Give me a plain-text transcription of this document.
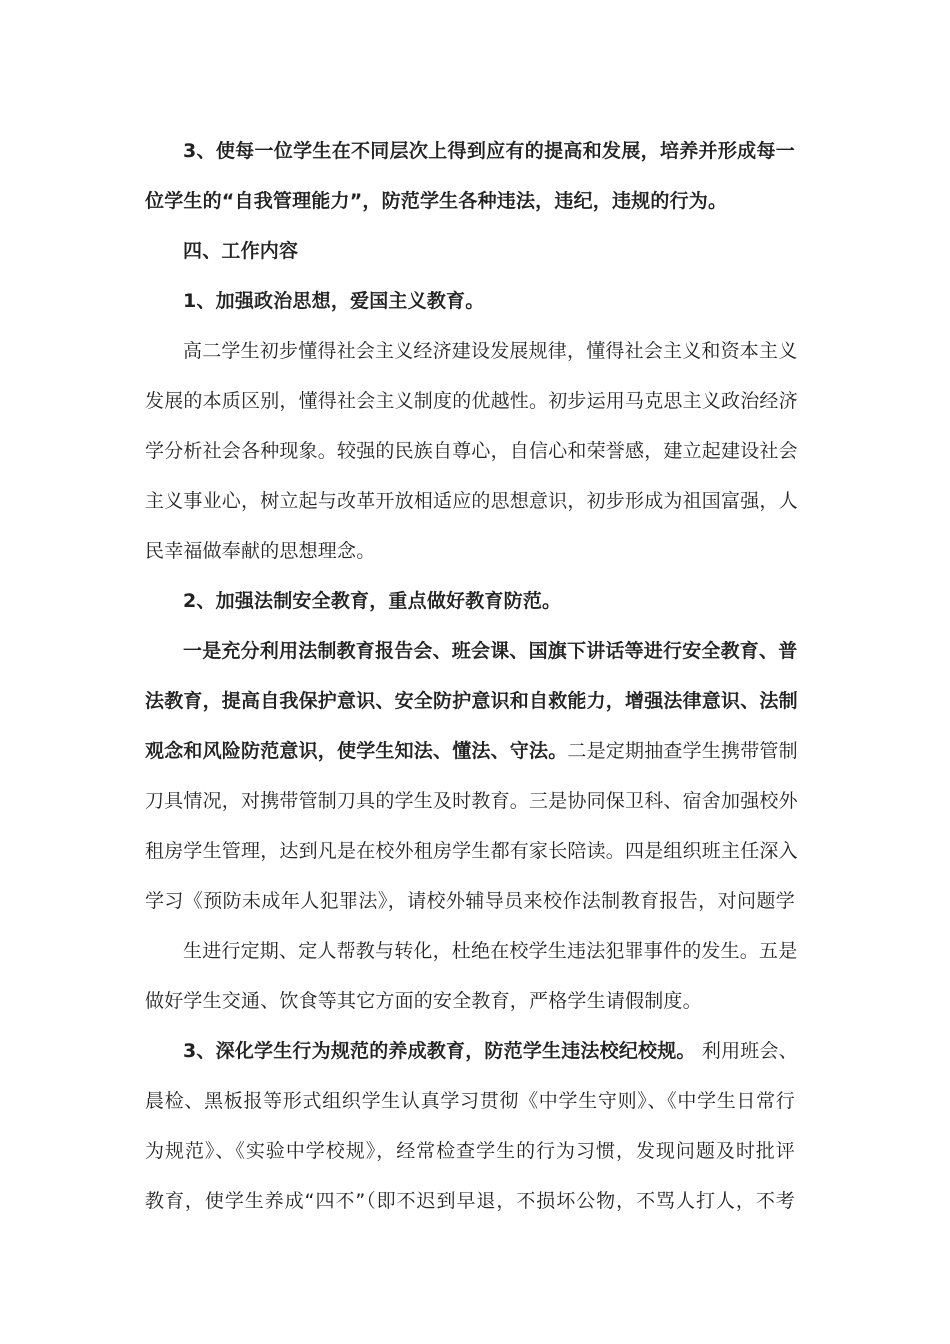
3、使每一位学生在不同层次上得到应有的提高和发展，培养并形成每一
位学生的“自我管理能力”，防范学生各种违法，违纪，违规的行为。
四、工作内容
1、加强政治思想，爱国主义教育。
高二学生初步懂得社会主义经济建设发展规律，懂得社会主义和资本主义
发展的本质区别，懂得社会主义制度的优越性。初步运用马克思主义政治经济
学分析社会各种现象。较强的民族自尊心，自信心和荣誉感，建立起建设社会
主义事业心，树立起与改革开放相适应的思想意识，初步形成为祖国富强，人
民幸福做奉献的思想理念。
2、加强法制安全教育，重点做好教育防范。
一是充分利用法制教育报告会、班会课、国旗下讲话等进行安全教育、普
法教育，提高自我保护意识、安全防护意识和自救能力，增强法律意识、法制
观念和风险防范意识，使学生知法、懂法、守法。二是定期抽查学生携带管制
刀具情况，对携带管制刀具的学生及时教育。三是协同保卫科、宿舍加强校外
租房学生管理，达到凡是在校外租房学生都有家长陪读。四是组织班主任深入
学习《预防未成年人犯罪法》，请校外辅导员来校作法制教育报告，对问题学
生进行定期、定人帮教与转化，杜绝在校学生违法犯罪事件的发生。五是
做好学生交通、饮食等其它方面的安全教育，严格学生请假制度。
3、深化学生行为规范的养成教育，防范学生违法校纪校规。 利用班会、
晨检、黑板报等形式组织学生认真学习贯彻《中学生守则》、《中学生日常行
为规范》、《实验中学校规》，经常检查学生的行为习惯，发现问题及时批评
教育，使学生养成“四不”（即不迟到早退，不损坏公物，不骂人打人，不考
